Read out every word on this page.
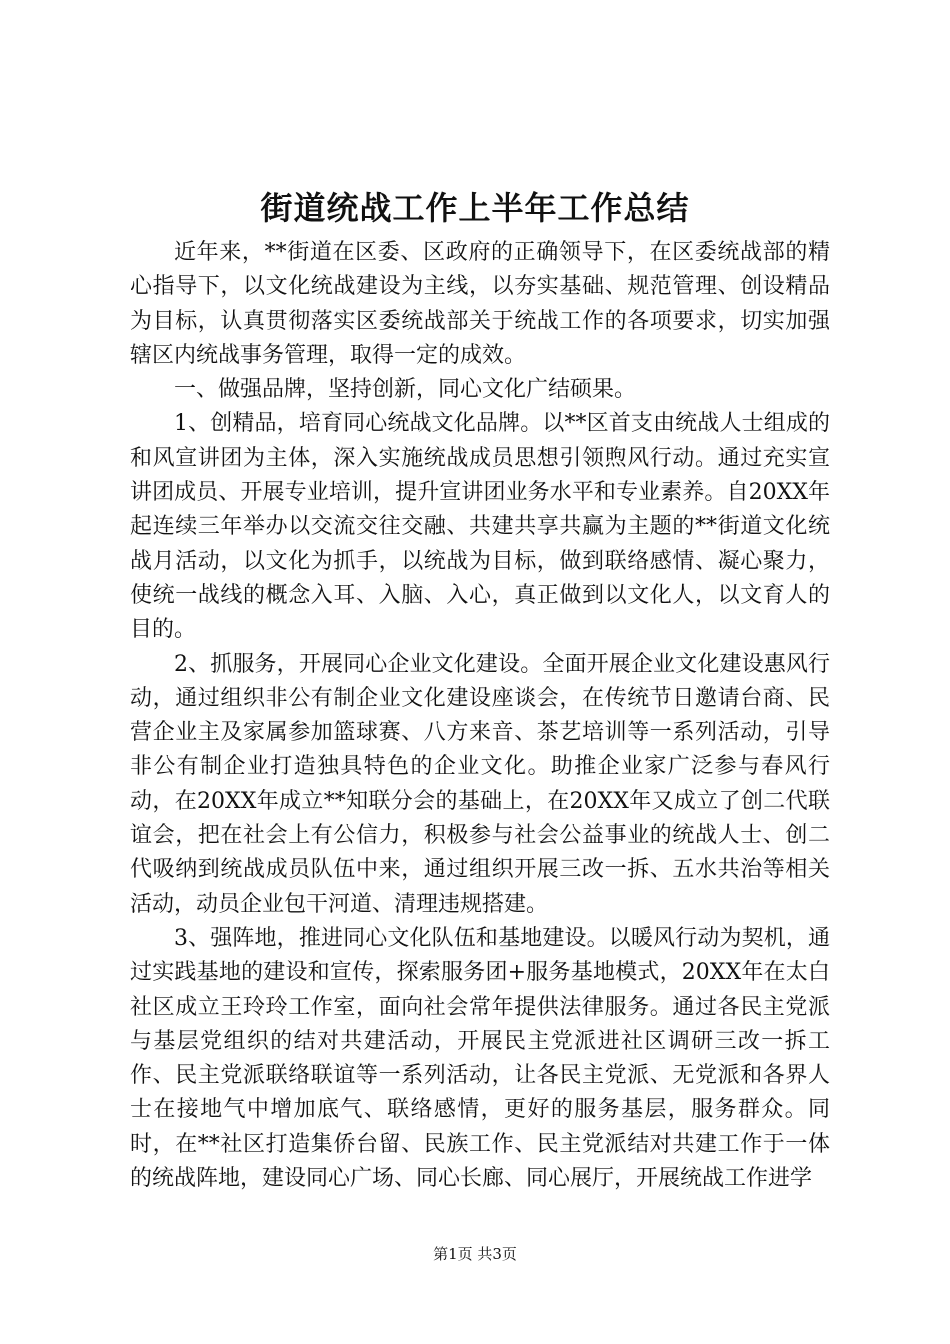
街道统战工作上半年工作总结

近年来，**街道在区委、区政府的正确领导下，在区委统战部的精心指导下，以文化统战建设为主线，以夯实基础、规范管理、创设精品为目标，认真贯彻落实区委统战部关于统战工作的各项要求，切实加强辖区内统战事务管理，取得一定的成效。

一、做强品牌，坚持创新，同心文化广结硕果。

1、创精品，培育同心统战文化品牌。以**区首支由统战人士组成的和风宣讲团为主体，深入实施统战成员思想引领煦风行动。通过充实宣讲团成员、开展专业培训，提升宣讲团业务水平和专业素养。自20XX年起连续三年举办以交流交往交融、共建共享共赢为主题的**街道文化统战月活动，以文化为抓手，以统战为目标，做到联络感情、凝心聚力，使统一战线的概念入耳、入脑、入心，真正做到以文化人，以文育人的目的。

2、抓服务，开展同心企业文化建设。全面开展企业文化建设惠风行动，通过组织非公有制企业文化建设座谈会，在传统节日邀请台商、民营企业主及家属参加篮球赛、八方来音、茶艺培训等一系列活动，引导非公有制企业打造独具特色的企业文化。助推企业家广泛参与春风行动，在20XX年成立**知联分会的基础上，在20XX年又成立了创二代联谊会，把在社会上有公信力，积极参与社会公益事业的统战人士、创二代吸纳到统战成员队伍中来，通过组织开展三改一拆、五水共治等相关活动，动员企业包干河道、清理违规搭建。

3、强阵地，推进同心文化队伍和基地建设。以暖风行动为契机，通过实践基地的建设和宣传，探索服务团+服务基地模式，20XX年在太白社区成立王玲玲工作室，面向社会常年提供法律服务。通过各民主党派与基层党组织的结对共建活动，开展民主党派进社区调研三改一拆工作、民主党派联络联谊等一系列活动，让各民主党派、无党派和各界人士在接地气中增加底气、联络感情，更好的服务基层，服务群众。同时，在**社区打造集侨台留、民族工作、民主党派结对共建工作于一体的统战阵地，建设同心广场、同心长廊、同心展厅，开展统战工作进学

第1页 共3页
